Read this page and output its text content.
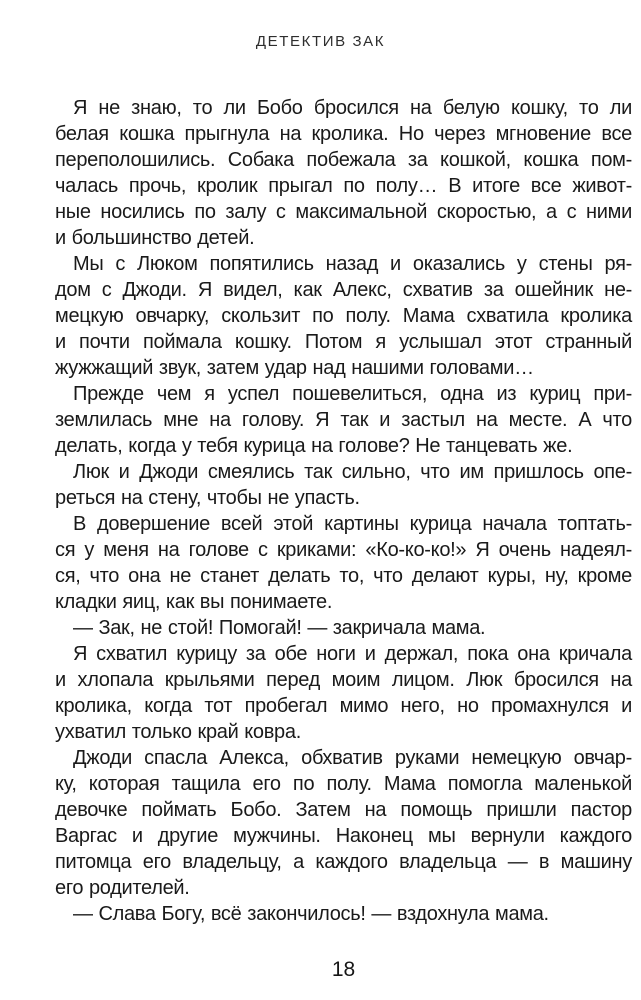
ДЕТЕКТИВ ЗАК
Я не знаю, то ли Бобо бросился на белую кошку, то ли
белая кошка прыгнула на кролика. Но через мгновение все
переполошились. Собака побежала за кошкой, кошка пом-
чалась прочь, кролик прыгал по полу… В итоге все живот-
ные носились по залу с максимальной скоростью, а с ними
и большинство детей.
Мы с Люком попятились назад и оказались у стены ря-
дом с Джоди. Я видел, как Алекс, схватив за ошейник не-
мецкую овчарку, скользит по полу. Мама схватила кролика
и почти поймала кошку. Потом я услышал этот странный
жужжащий звук, затем удар над нашими головами…
Прежде чем я успел пошевелиться, одна из куриц при-
землилась мне на голову. Я так и застыл на месте. А что
делать, когда у тебя курица на голове? Не танцевать же.
Люк и Джоди смеялись так сильно, что им пришлось опе-
реться на стену, чтобы не упасть.
В довершение всей этой картины курица начала топтать-
ся у меня на голове с криками: «Ко-ко-ко!» Я очень надеял-
ся, что она не станет делать то, что делают куры, ну, кроме
кладки яиц, как вы понимаете.
— Зак, не стой! Помогай! — закричала мама.
Я схватил курицу за обе ноги и держал, пока она кричала
и хлопала крыльями перед моим лицом. Люк бросился на
кролика, когда тот пробегал мимо него, но промахнулся и
ухватил только край ковра.
Джоди спасла Алекса, обхватив руками немецкую овчар-
ку, которая тащила его по полу. Мама помогла маленькой
девочке поймать Бобо. Затем на помощь пришли пастор
Варгас и другие мужчины. Наконец мы вернули каждого
питомца его владельцу, а каждого владельца — в машину
его родителей.
— Слава Богу, всё закончилось! — вздохнула мама.
18
